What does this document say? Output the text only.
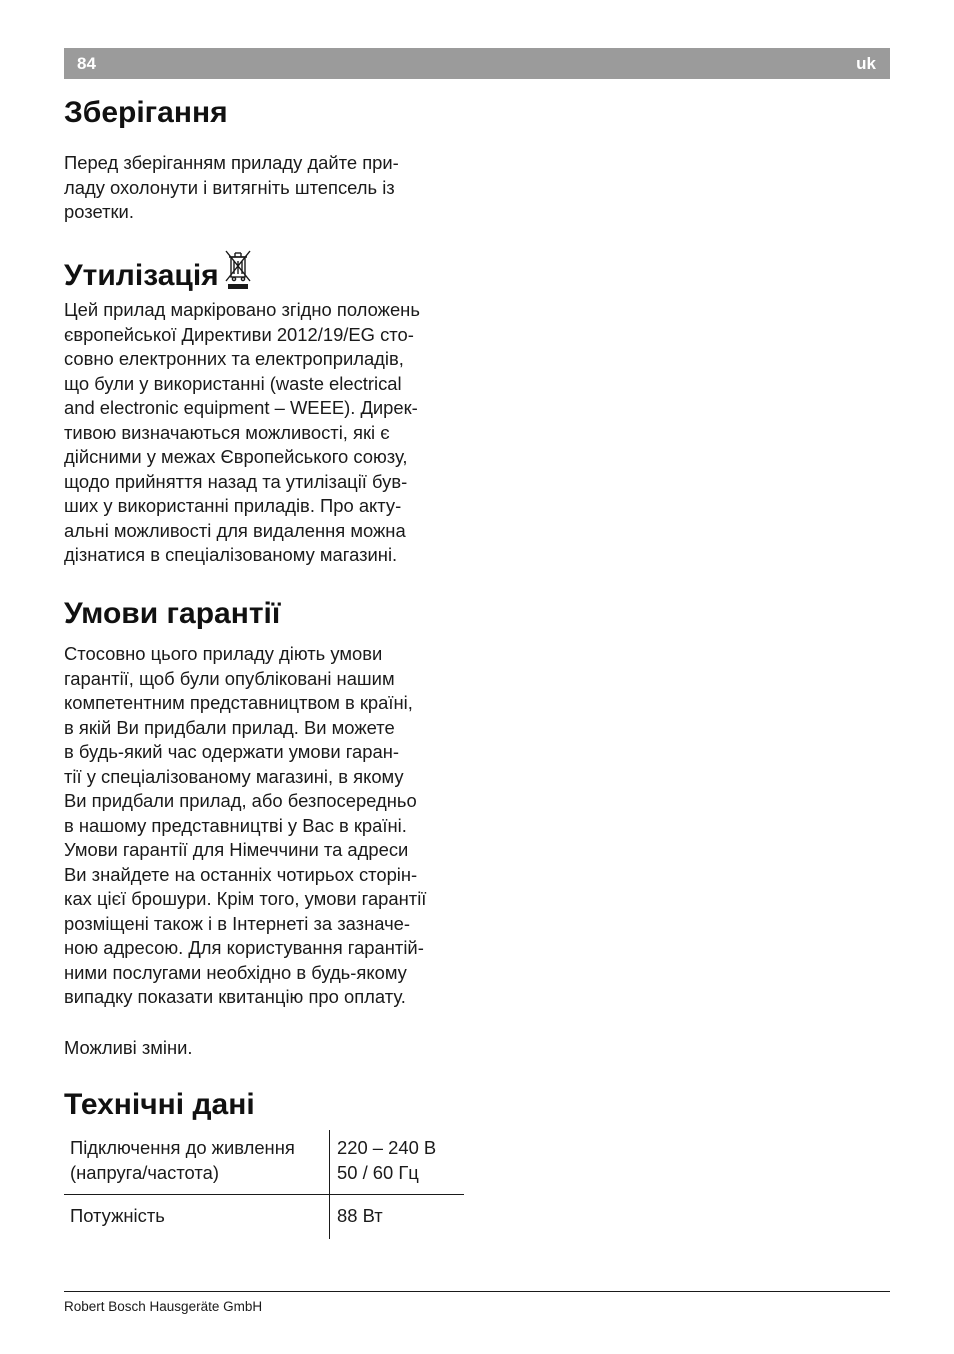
84	uk
Зберігання

Перед зберіганням приладу дайте при-
ладу охолонути і витягніть штепсель із
розетки.

Утилізація

Цей прилад маркіровано згідно положень
європейської Директиви 2012/19/EG сто-
совно електронних та електроприладів,
що були у використанні (waste electrical
and electronic equipment – WEEE). Дирек-
тивою визначаються можливості, які є
дійсними у межах Європейського союзу,
щодо прийняття назад та утилізації був-
ших у використанні приладів. Про акту-
альні можливості для видалення можна
дізнатися в спеціалізованому магазині.

Умови гарантії

Стосовно цього приладу діють умови
гарантії, щоб були опубліковані нашим
компетентним представництвом в країні,
в якій Ви придбали прилад. Ви можете
в будь-який час одержати умови гаран-
тії у спеціалізованому магазині, в якому
Ви придбали прилад, або безпосередньо
в нашому представництві у Вас в країні.
Умови гарантії для Німеччини та адреси
Ви знайдете на останніх чотирьох сторін-
ках цієї брошури. Крім того, умови гарантії
розміщені також і в Інтернеті за зазначе-
ною адресою. Для користування гарантій-
ними послугами необхідно в будь-якому
випадку показати квитанцію про оплату.

Можливі зміни.

Технічні дані
Підключення до живлення
(напруга/частота)	220 – 240 В
50 / 60 Гц

Потужність	88 Вт
Robert Bosch Hausgeräte GmbH
